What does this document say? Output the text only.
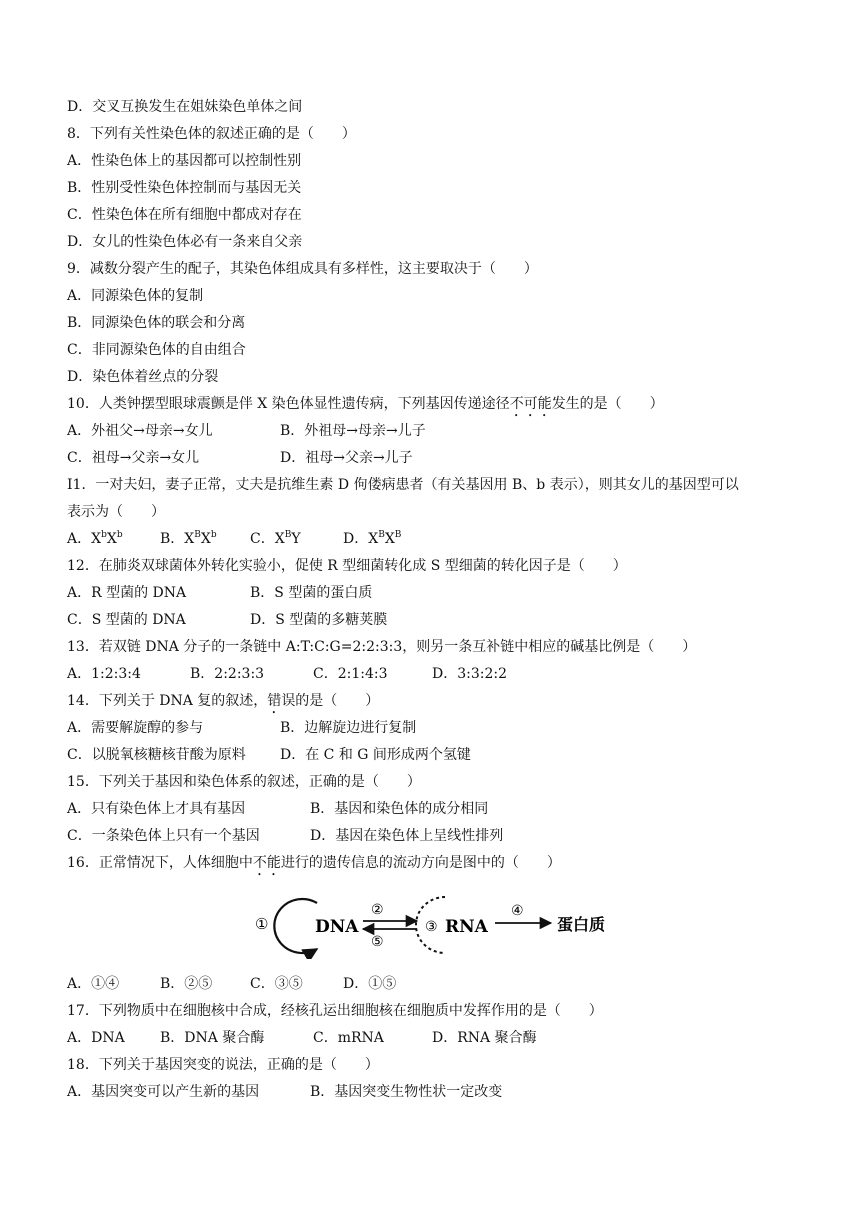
D．交叉互换发生在姐妹染色单体之间
8．下列有关性染色体的叙述正确的是（　　）
A．性染色体上的基因都可以控制性别
B．性别受性染色体控制而与基因无关
C．性染色体在所有细胞中都成对存在
D．女儿的性染色体必有一条来自父亲
9．减数分裂产生的配子，其染色体组成具有多样性，这主要取决于（　　）
A．同源染色体的复制
B．同源染色体的联会和分离
C．非同源染色体的自由组合
D．染色体着丝点的分裂
10．人类钟摆型眼球震颤是伴 X 染色体显性遗传病，下列基因传递途径不可能发生的是（　　）
A．外祖父→母亲→女儿	B．外祖母→母亲→儿子
C．祖母→父亲→女儿	D．祖母→父亲→儿子
I1．一对夫妇，妻子正常，丈夫是抗维生素 D 佝偻病患者（有关基因用 B、b 表示），则其女儿的基因型可以
表示为（　　）
A．$X^bX^b$	B．$X^BX^b$ C．$X^BY$	D．$X^BX^B$
12．在肺炎双球菌体外转化实验小，促使 R 型细菌转化成 S 型细菌的转化因子是（　　）
A．R 型菌的 DNA	B．S 型菌的蛋白质
C．S 型菌的 DNA	D．S 型菌的多糖荚膜
13．若双链 DNA 分子的一条链中 A:T:C:G=2:2:3:3，则另一条互补链中相应的碱基比例是（　　）
A．1:2:3:4	B．2:2:3:3	C．2:1:4:3	D．3:3:2:2
14．下列关于 DNA 复的叙述，错误的是（　　）
A．需要解旋醇的参与	B．边解旋边进行复制
C．以脱氧核糖核苷酸为原料 D．在 C 和 G 间形成两个氢键
15．下列关于基因和染色体系的叙述，正确的是（　　）
A．只有染色体上才具有基因	B．基因和染色体的成分相同
C．一条染色体上只有一个基因	D．基因在染色体上呈线性排列
16．正常情况下，人体细胞中不能进行的遗传信息的流动方向是图中的（　　）
①	DNA
②
⑤
③ RNA
④
蛋白质
A．①④	B．②⑤	C．③⑤	D．①⑤
17．下列物质中在细胞核中合成，经核孔运出细胞核在细胞质中发挥作用的是（　　）
A．DNA	B．DNA 聚合酶	C．mRNA	D．RNA 聚合酶
18．下列关于基因突变的说法，正确的是（　　）
A．基因突变可以产生新的基因	B．基因突变生物性状一定改变
